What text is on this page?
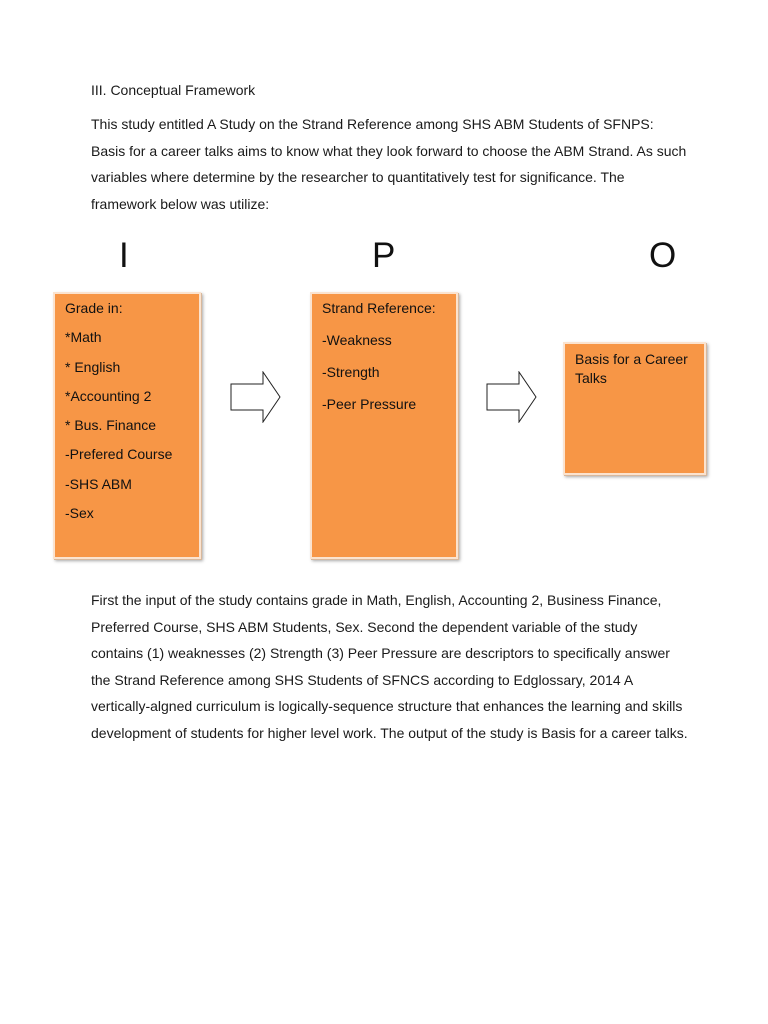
III. Conceptual Framework

This study entitled A Study on the Strand Reference among SHS ABM Students of SFNPS: Basis for a career talks aims to know what they look forward to choose the ABM Strand. As such variables where determine by the researcher to quantitatively test for significance. The framework below was utilize:

I	P	O
Grade in:
*Math
* English
*Accounting 2
* Bus. Finance
-Prefered Course
-SHS ABM
-Sex
Strand Reference:
-Weakness
-Strength
-Peer Pressure
Basis for a Career Talks

First the input of the study contains grade in Math, English, Accounting 2, Business Finance, Preferred Course, SHS ABM Students, Sex. Second the dependent variable of the study contains (1) weaknesses (2) Strength (3) Peer Pressure are descriptors to specifically answer the Strand Reference among SHS Students of SFNCS according to Edglossary, 2014 A vertically-algned curriculum is logically-sequence structure that enhances the learning and skills development of students for higher level work. The output of the study is Basis for a career talks.
